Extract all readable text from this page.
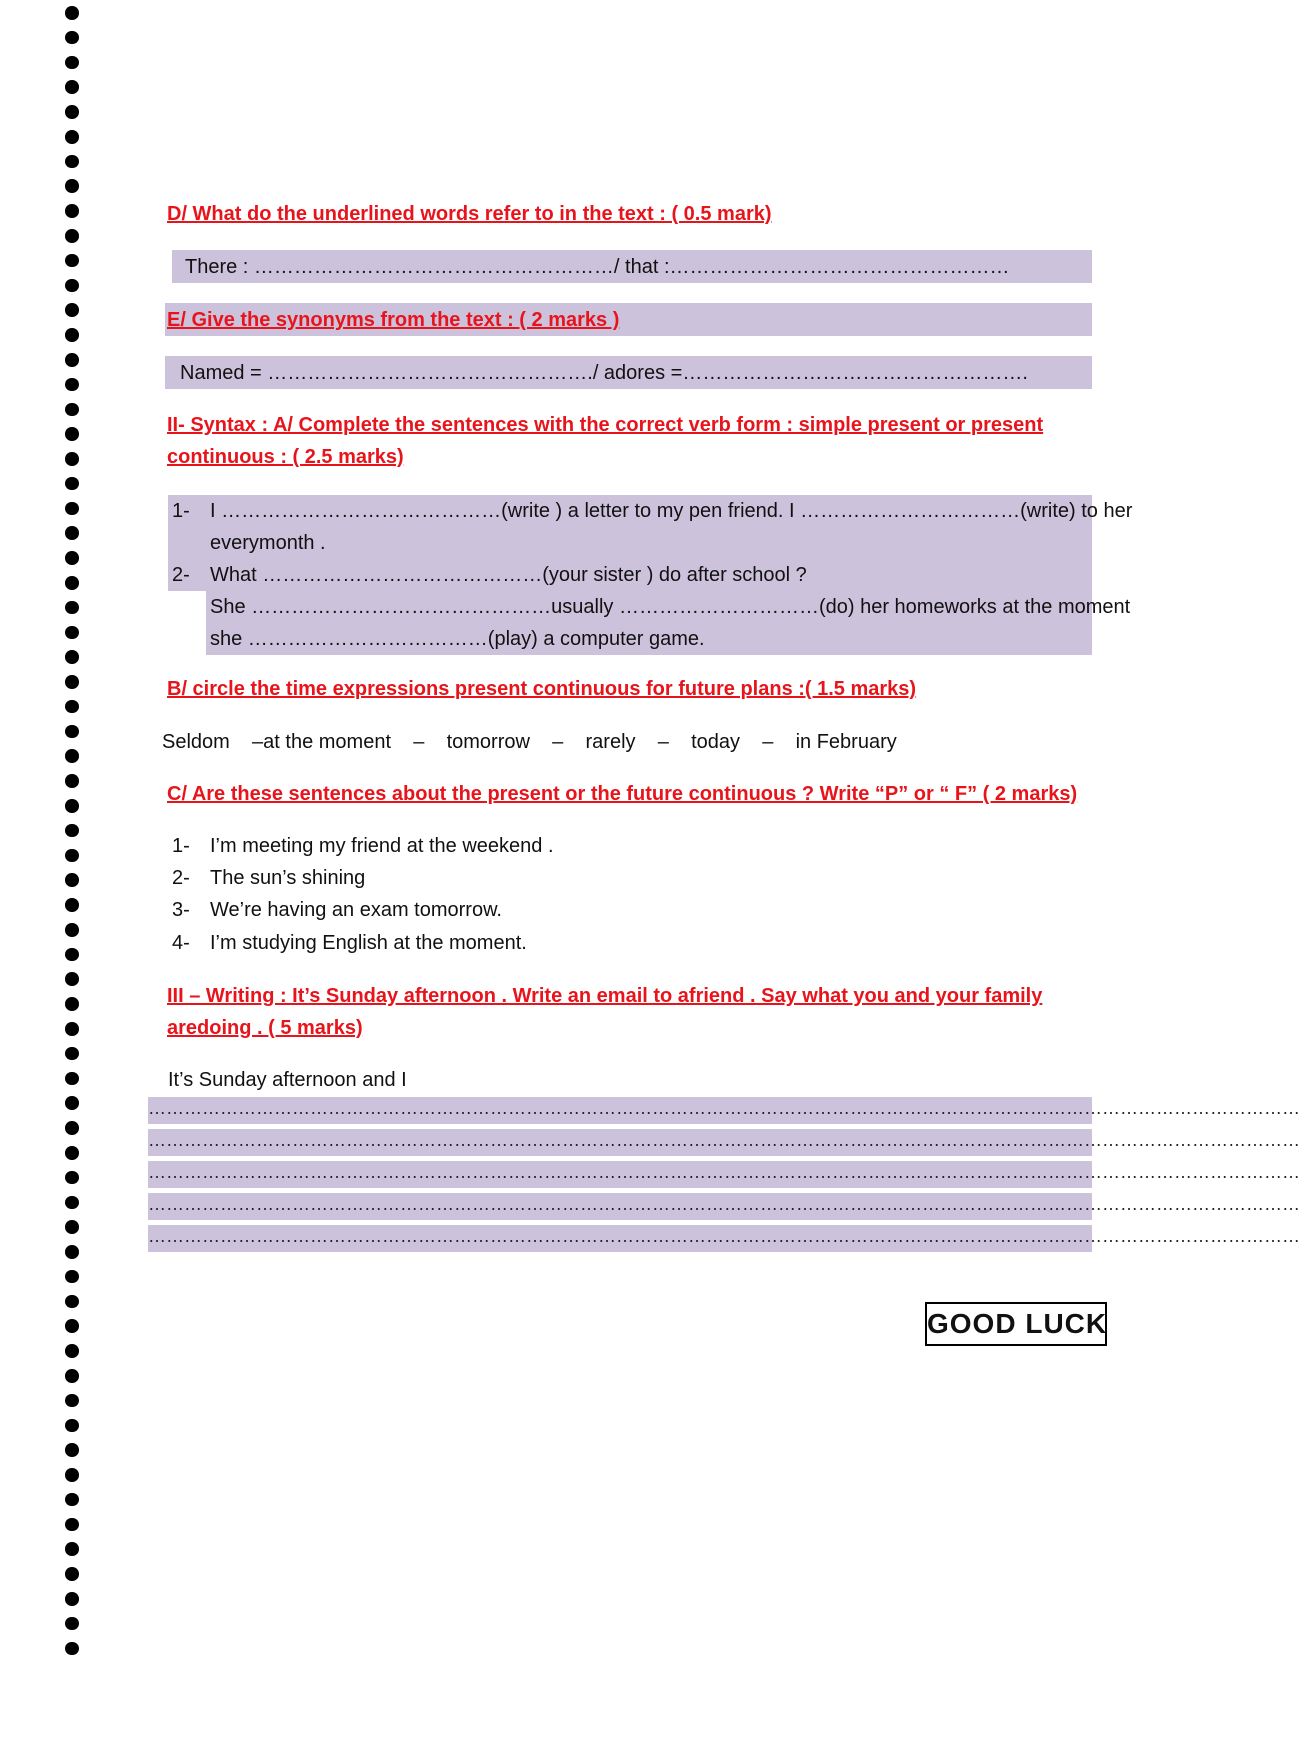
D/ What do the underlined words refer to in the text : ( 0.5 mark)
There : ………………………………………………/ that :……………………………………………
E/ Give the synonyms from the text : ( 2 marks )
Named = …………………………………………./ adores =…………………………………………….
II- Syntax : A/ Complete the sentences with the correct verb form : simple present or present continuous : ( 2.5 marks)
1- I ……………………………………(write ) a letter to my pen friend. I ……………………………(write) to her
everymonth .
2- What ……………………………………(your sister ) do after school ?
She ………………………………………usually …………………………(do) her homeworks at the moment
she ………………………………(play) a computer game.
B/ circle the time expressions present continuous for future plans :( 1.5 marks)
Seldom    –at the moment    –    tomorrow    –    rarely    –    today    –    in February
C/ Are these sentences about the present or the future continuous ? Write “P” or “ F” ( 2 marks)
1- I’m meeting my friend at the weekend .
2- The sun’s shining
3- We’re having an exam tomorrow.
4- I’m studying English at the moment.
III – Writing : It’s Sunday afternoon . Write an email to afriend . Say what you and your family aredoing . ( 5 marks)
It’s Sunday afternoon and I
…………………………………………………………………………………………………………………………………………………………………………
…………………………………………………………………………………………………………………………………………………………………………
…………………………………………………………………………………………………………………………………………………………………………
…………………………………………………………………………………………………………………………………………………………………………
…………………………………………………………………………………………………………………………………………………………………………
GOOD LUCK
